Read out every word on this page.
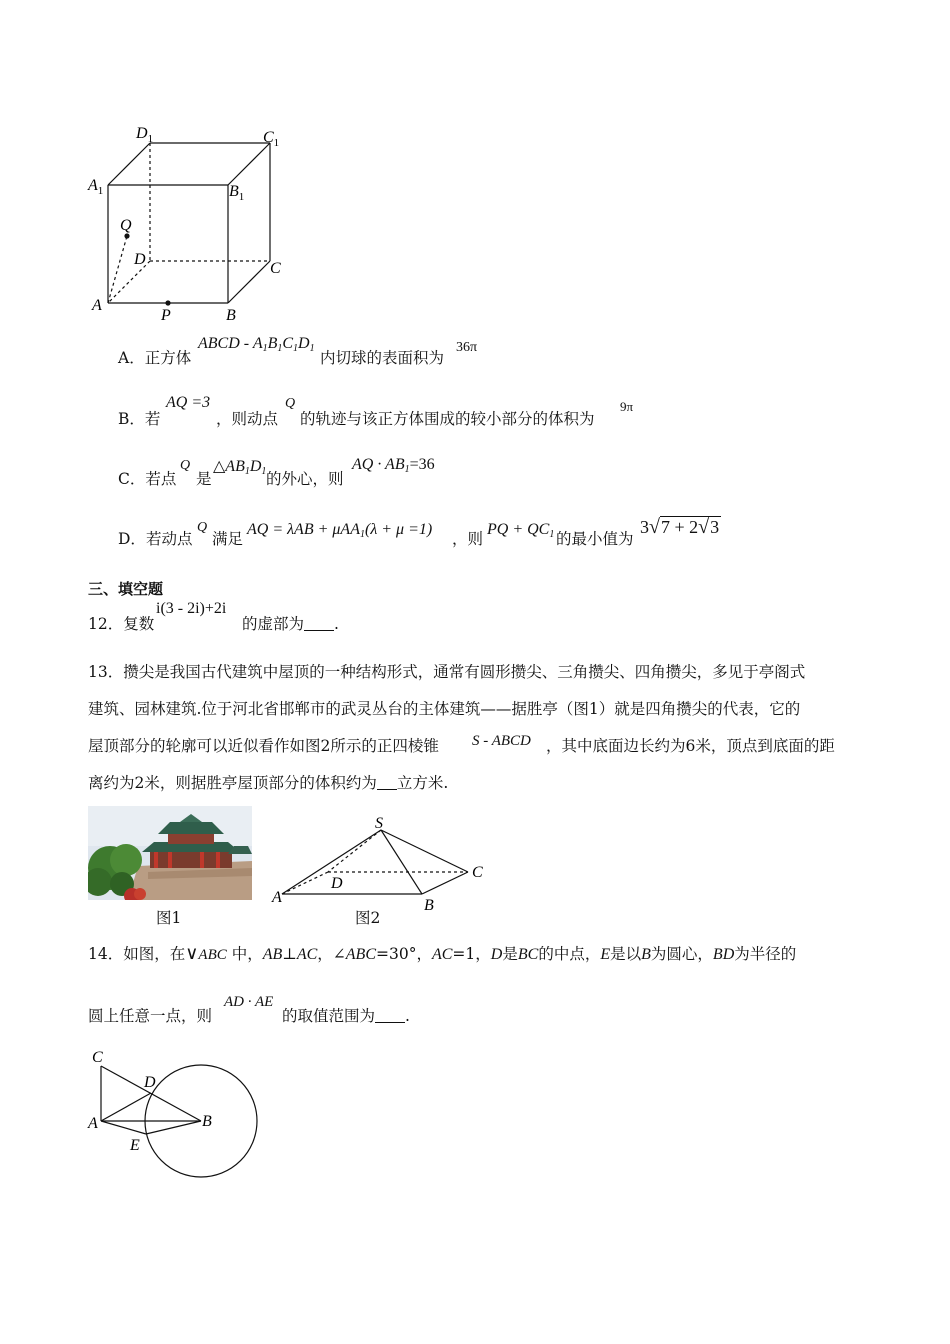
$D_1$	$C_1$
$A_1$	$B_1$
Q
D
C
A
P	B
A．正方体
ABCD - $A_1B_1C_1D_1$
内切球的表面积为
36π
B．若
AQ =3
，则动点
Q
的轨迹与该正方体围成的较小部分的体积为
9π
C．若点
Q
是
$\triangle AB_1D_1$ 的外心，则
AQ · $AB_1=36$
D．若动点
Q
满足
AQ = λAB + μAA$_1$(λ + μ =1)
，则
PQ + $QC_1$ 的最小值为
3√7 + 2√3
三、填空题
12．复数
i(3 - 2i)+2i
的虚部为 .
13．攒尖是我国古代建筑中屋顶的一种结构形式，通常有圆形攒尖、三角攒尖、四角攒尖，多见于亭阁式
建筑、园林建筑.位于河北省邯郸市的武灵丛台的主体建筑——据胜亭（图1）就是四角攒尖的代表，它的
屋顶部分的轮廓可以近似看作如图2所示的正四棱锥 S - ABCD ，其中底面边长约为6米，顶点到底面的距
离约为2米，则据胜亭屋顶部分的体积约为 立方米.
图1
S
D
C
A	B
图2
14．如图，在∨ABC 中，AB⊥AC，∠ABC=30°，AC=1，D是BC的中点，E是以B为圆心，BD为半径的
圆上任意一点，则
AD · AE
的取值范围为 .
C
D
A	B
E
